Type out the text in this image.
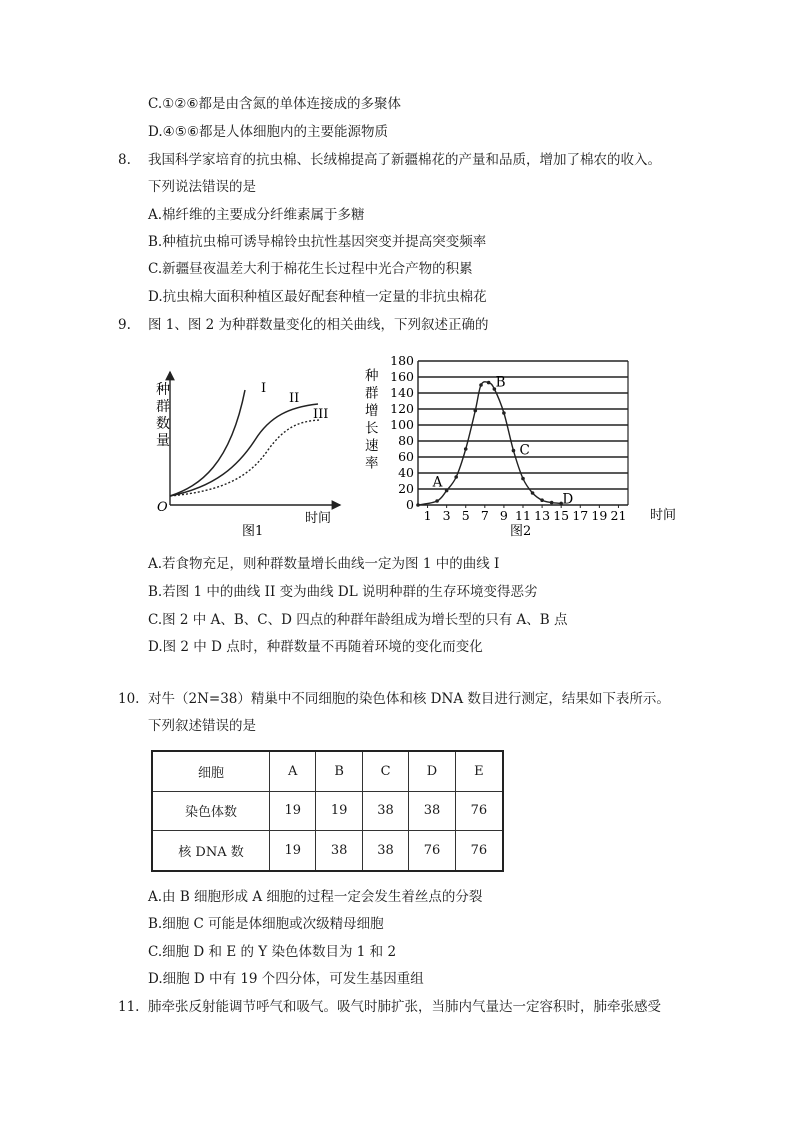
C.①②⑥都是由含氮的单体连接成的多聚体
D.④⑤⑥都是人体细胞内的主要能源物质
8. 我国科学家培育的抗虫棉、长绒棉提高了新疆棉花的产量和品质，增加了棉农的收入。
下列说法错误的是
A.棉纤维的主要成分纤维素属于多糖
B.种植抗虫棉可诱导棉铃虫抗性基因突变并提高突变频率
C.新疆昼夜温差大利于棉花生长过程中光合产物的积累
D.抗虫棉大面积种植区最好配套种植一定量的非抗虫棉花
9. 图 1、图 2 为种群数量变化的相关曲线，下列叙述正确的
I
II
III
O
时间
图1
种群数量
0
20
40
60
80
100
120
140
160
180
1 3 5 7 9 11 13 15 17 19 21
A
B
C
D
种群增长速率
时间
图2
A.若食物充足，则种群数量增长曲线一定为图 1 中的曲线 I
B.若图 1 中的曲线 II 变为曲线 DL 说明种群的生存环境变得恶劣
C.图 2 中 A、B、C、D 四点的种群年龄组成为增长型的只有 A、B 点
D.图 2 中 D 点时，种群数量不再随着环境的变化而变化
10. 对牛（2N=38）精巢中不同细胞的染色体和核 DNA 数目进行测定，结果如下表所示。
下列叙述错误的是
细胞	A	B	C	D	E
染色体数	19	19	38	38	76
核 DNA 数	19	38	38	76	76
A.由 B 细胞形成 A 细胞的过程一定会发生着丝点的分裂
B.细胞 C 可能是体细胞或次级精母细胞
C.细胞 D 和 E 的 Y 染色体数目为 1 和 2
D.细胞 D 中有 19 个四分体，可发生基因重组
11. 肺牵张反射能调节呼气和吸气。吸气时肺扩张，当肺内气量达一定容积时，肺牵张感受
